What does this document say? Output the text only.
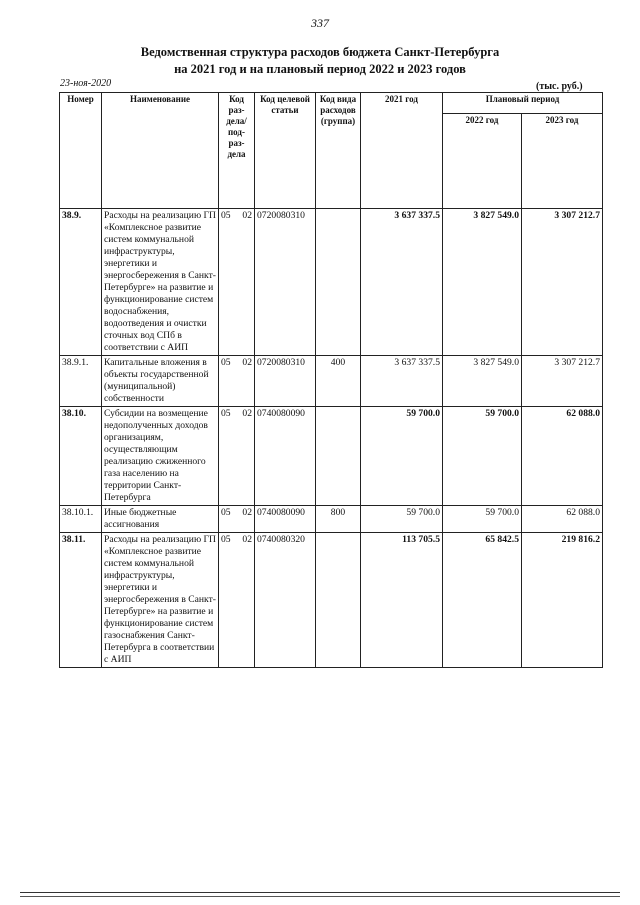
337
Ведомственная структура расходов бюджета Санкт-Петербурга
на 2021 год и на плановый период 2022 и 2023 годов
23-ноя-2020	(тыс. руб.)
Номер	Наименование	Код раз-дела/ под-раз-дела	Код целевой статьи	Код вида расходов (группа)	2021 год	Плановый период	
						2022 год	2023 год
38.9.	Расходы на реализацию ГП «Комплексное развитие систем коммунальной инфраструктуры, энергетики и энергосбережения в Санкт-Петербурге» на развитие и функционирование систем водоснабжения, водоотведения и очистки сточных вод СПб в соответствии с АИП	05 02	0720080310		3 637 337.5	3 827 549.0	3 307 212.7
38.9.1.	Капитальные вложения в объекты государственной (муниципальной) собственности	05 02	0720080310	400	3 637 337.5	3 827 549.0	3 307 212.7
38.10.	Субсидии на возмещение недополученных доходов организациям, осуществляющим реализацию сжиженного газа населению на территории Санкт-Петербурга	05 02	0740080090		59 700.0	59 700.0	62 088.0
38.10.1.	Иные бюджетные ассигнования	05 02	0740080090	800	59 700.0	59 700.0	62 088.0
38.11.	Расходы на реализацию ГП «Комплексное развитие систем коммунальной инфраструктуры, энергетики и энергосбережения в Санкт-Петербурге» на развитие и функционирование систем газоснабжения Санкт-Петербурга в соответствии с АИП	05 02	0740080320		113 705.5	65 842.5	219 816.2
